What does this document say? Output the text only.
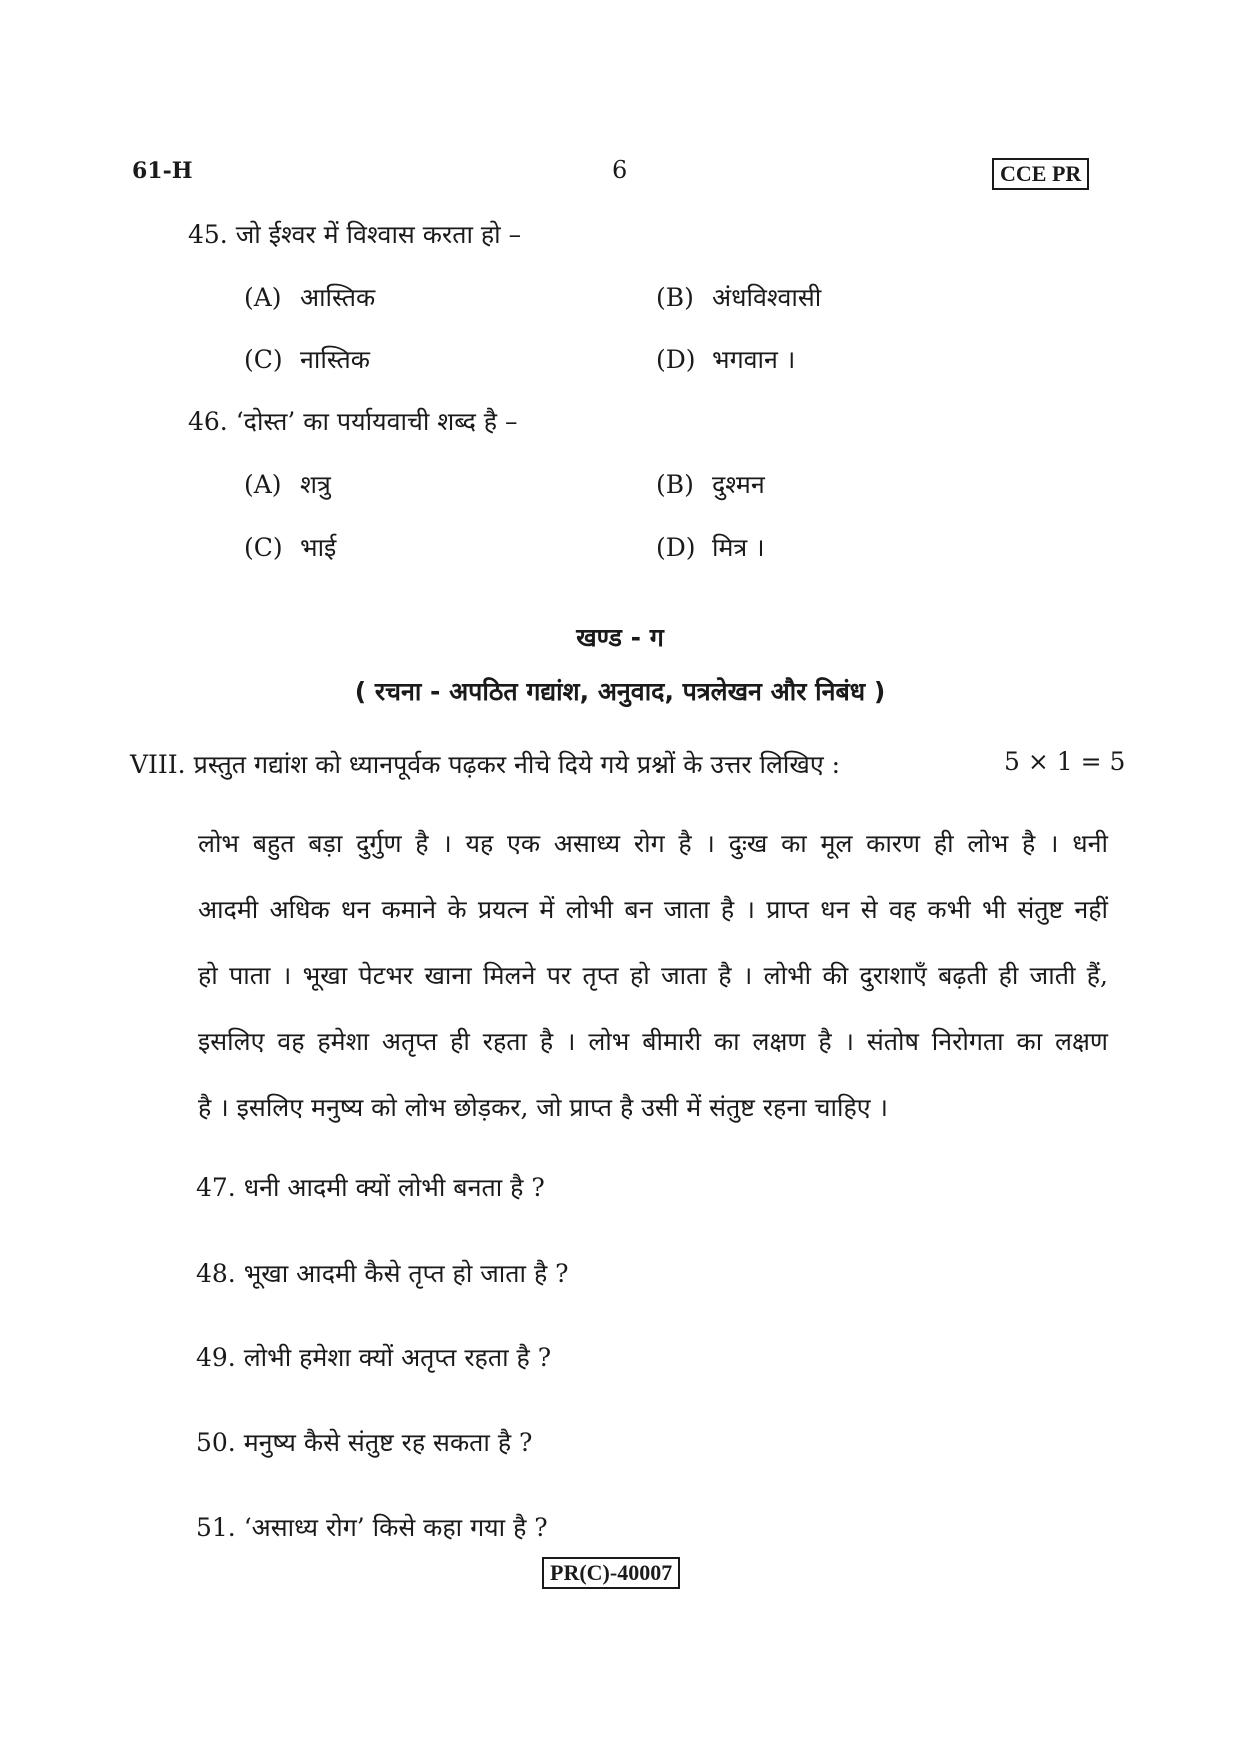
61-H	6	CCE PR
45. जो ईश्वर में विश्वास करता हो –
(A) आस्तिक	(B) अंधविश्वासी
(C) नास्तिक	(D) भगवान ।
46. ‘दोस्त’ का पर्यायवाची शब्द है –
(A) शत्रु	(B) दुश्मन
(C) भाई	(D) मित्र ।
खण्ड - ग
( रचना - अपठित गद्यांश, अनुवाद, पत्रलेखन और निबंध )
VIII. प्रस्तुत गद्यांश को ध्यानपूर्वक पढ़कर नीचे दिये गये प्रश्नों के उत्तर लिखिए :	5 × 1 = 5
लोभ बहुत बड़ा दुर्गुण है । यह एक असाध्य रोग है । दुःख का मूल कारण ही लोभ है । धनी
आदमी अधिक धन कमाने के प्रयत्न में लोभी बन जाता है । प्राप्त धन से वह कभी भी संतुष्ट नहीं
हो पाता । भूखा पेटभर खाना मिलने पर तृप्त हो जाता है । लोभी की दुराशाएँ बढ़ती ही जाती हैं,
इसलिए वह हमेशा अतृप्त ही रहता है । लोभ बीमारी का लक्षण है । संतोष निरोगता का लक्षण
है । इसलिए मनुष्य को लोभ छोड़कर, जो प्राप्त है उसी में संतुष्ट रहना चाहिए ।
47. धनी आदमी क्यों लोभी बनता है ?
48. भूखा आदमी कैसे तृप्त हो जाता है ?
49. लोभी हमेशा क्यों अतृप्त रहता है ?
50. मनुष्य कैसे संतुष्ट रह सकता है ?
51. ‘असाध्य रोग’ किसे कहा गया है ?
PR(C)-40007
